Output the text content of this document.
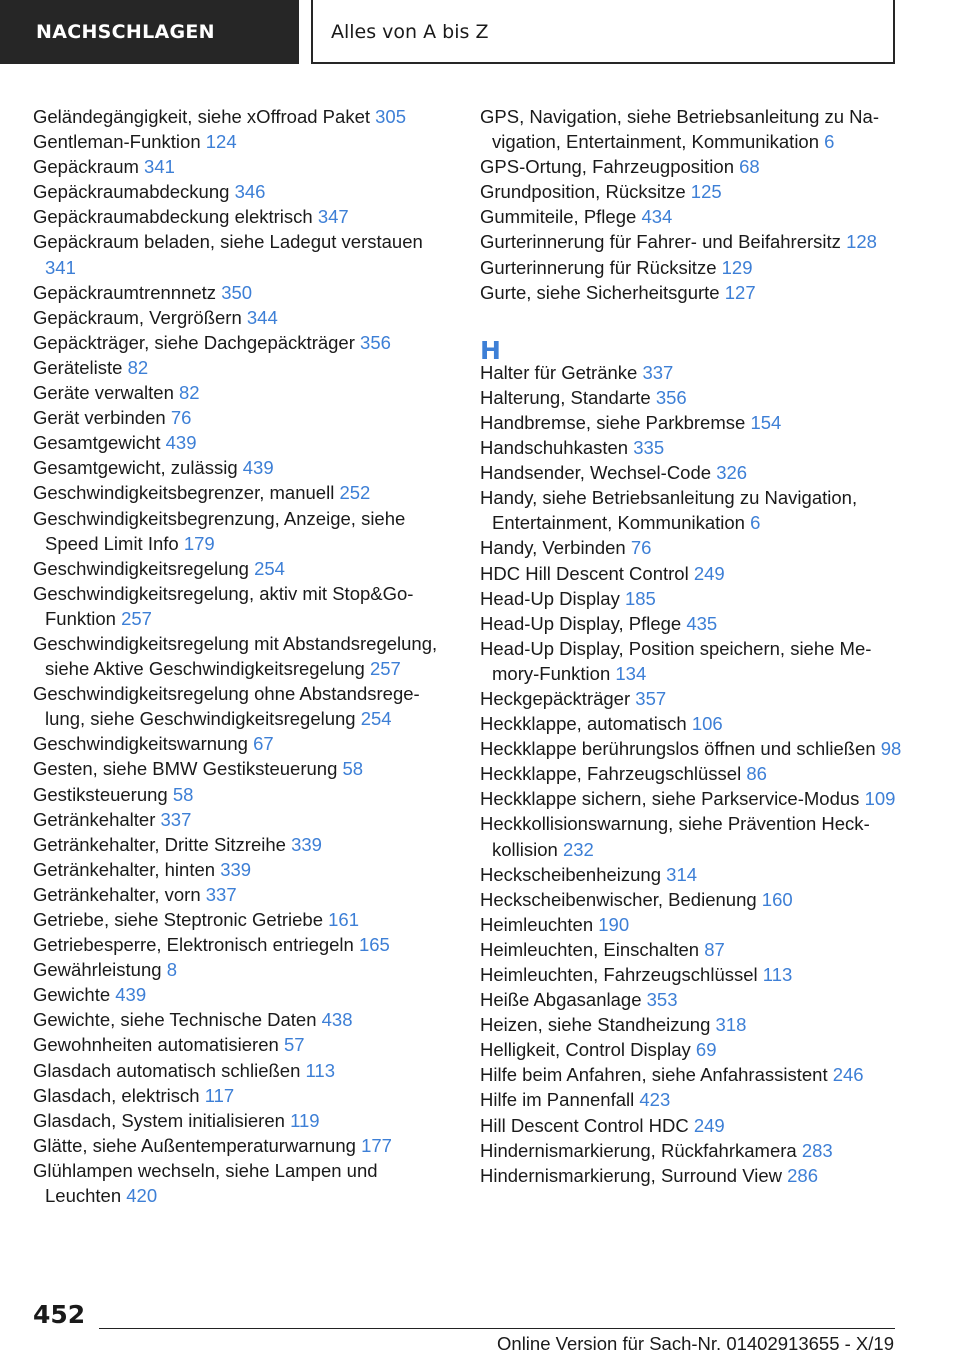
NACHSCHLAGEN	Alles von A bis Z
Geländegängigkeit, siehe xOffroad Paket 305
Gentleman-Funktion 124
Gepäckraum 341
Gepäckraumabdeckung 346
Gepäckraumabdeckung elektrisch 347
Gepäckraum beladen, siehe Ladegut verstauen 341
Gepäckraumtrennnetz 350
Gepäckraum, Vergrößern 344
Gepäckträger, siehe Dachgepäckträger 356
Geräteliste 82
Geräte verwalten 82
Gerät verbinden 76
Gesamtgewicht 439
Gesamtgewicht, zulässig 439
Geschwindigkeitsbegrenzer, manuell 252
Geschwindigkeitsbegrenzung, Anzeige, siehe Speed Limit Info 179
Geschwindigkeitsregelung 254
Geschwindigkeitsregelung, aktiv mit Stop&Go-Funktion 257
Geschwindigkeitsregelung mit Abstandsregelung, siehe Aktive Geschwindigkeitsregelung 257
Geschwindigkeitsregelung ohne Abstandsregelung, siehe Geschwindigkeitsregelung 254
Geschwindigkeitswarnung 67
Gesten, siehe BMW Gestiksteuerung 58
Gestiksteuerung 58
Getränkehalter 337
Getränkehalter, Dritte Sitzreihe 339
Getränkehalter, hinten 339
Getränkehalter, vorn 337
Getriebe, siehe Steptronic Getriebe 161
Getriebesperre, Elektronisch entriegeln 165
Gewährleistung 8
Gewichte 439
Gewichte, siehe Technische Daten 438
Gewohnheiten automatisieren 57
Glasdach automatisch schließen 113
Glasdach, elektrisch 117
Glasdach, System initialisieren 119
Glätte, siehe Außentemperaturwarnung 177
Glühlampen wechseln, siehe Lampen und Leuchten 420
GPS, Navigation, siehe Betriebsanleitung zu Navigation, Entertainment, Kommunikation 6
GPS-Ortung, Fahrzeugposition 68
Grundposition, Rücksitze 125
Gummiteile, Pflege 434
Gurterinnerung für Fahrer- und Beifahrersitz 128
Gurterinnerung für Rücksitze 129
Gurte, siehe Sicherheitsgurte 127
H
Halter für Getränke 337
Halterung, Standarte 356
Handbremse, siehe Parkbremse 154
Handschuhkasten 335
Handsender, Wechsel-Code 326
Handy, siehe Betriebsanleitung zu Navigation, Entertainment, Kommunikation 6
Handy, Verbinden 76
HDC Hill Descent Control 249
Head-Up Display 185
Head-Up Display, Pflege 435
Head-Up Display, Position speichern, siehe Memory-Funktion 134
Heckgepäckträger 357
Heckklappe, automatisch 106
Heckklappe berührungslos öffnen und schließen 98
Heckklappe, Fahrzeugschlüssel 86
Heckklappe sichern, siehe Parkservice-Modus 109
Heckkollisionswarnung, siehe Prävention Heckkollision 232
Heckscheibenheizung 314
Heckscheibenwischer, Bedienung 160
Heimleuchten 190
Heimleuchten, Einschalten 87
Heimleuchten, Fahrzeugschlüssel 113
Heiße Abgasanlage 353
Heizen, siehe Standheizung 318
Helligkeit, Control Display 69
Hilfe beim Anfahren, siehe Anfahrassistent 246
Hilfe im Pannenfall 423
Hill Descent Control HDC 249
Hindernismarkierung, Rückfahrkamera 283
Hindernismarkierung, Surround View 286
452
Online Version für Sach-Nr. 01402913655 - X/19
